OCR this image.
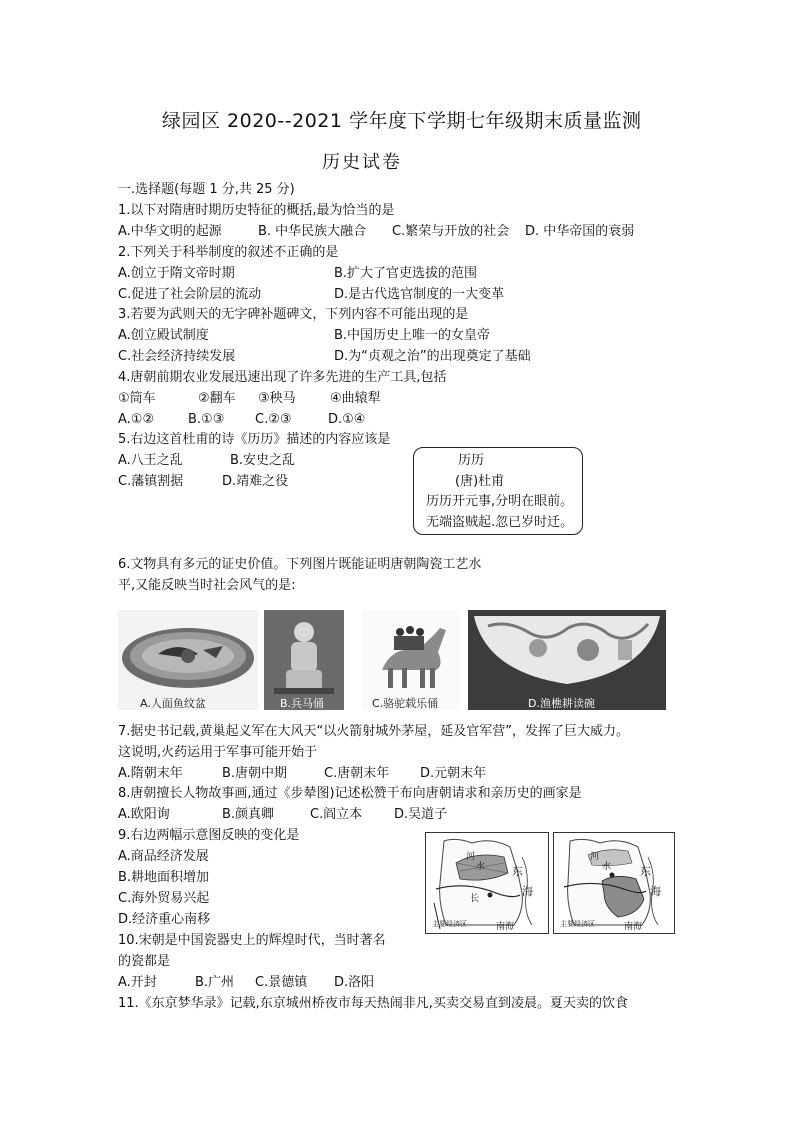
绿园区 2020--2021 学年度下学期七年级期末质量监测
历史试卷
一.选择题(每题 1 分,共 25 分)
1.以下对隋唐时期历史特征的概括,最为恰当的是
A.中华文明的起源	B. 中华民族大融合 C.繁荣与开放的社会 D. 中华帝国的衰弱
2.下列关于科举制度的叙述不正确的是
A.创立于隋文帝时期	B.扩大了官吏选拔的范围
C.促进了社会阶层的流动	D.是古代选官制度的一大变革
3.若要为武则天的无字碑补题碑文，下列内容不可能出现的是
A.创立殿试制度	B.中国历史上唯一的女皇帝
C.社会经济持续发展	D.为“贞观之治”的出现奠定了基础
4.唐朝前期农业发展迅速出现了许多先进的生产工具,包括
①筒车	②翻车 ③秧马	④曲辕犁
A.①②	B.①③ C.②③	D.①④
5.右边这首杜甫的诗《历历》描述的内容应该是
A.八王之乱	B.安史之乱
C.藩镇割据	D.靖难之役
历历
(唐)杜甫
历历开元事,分明在眼前。
无端盗贼起.忽已岁时迁。
6.文物具有多元的证史价值。下列图片既能证明唐朝陶瓷工艺水
平,又能反映当时社会风气的是:
A.人面鱼纹盆	B.兵马俑	C.骆驼载乐俑	D.渔樵耕读碗
7.据史书记载,黄巢起义军在大风天“以火箭射城外茅屋，延及官军营”，发挥了巨大威力。
这说明,火药运用于军事可能开始于
A.隋朝末年	B.唐朝中期	C.唐朝末年 D.元朝末年
8.唐朝擅长人物故事画,通过《步辇图)记述松赞干布向唐朝请求和亲历史的画家是
A.欧阳询	B.颜真卿	C.阎立本 D.吴道子
9.右边两幅示意图反映的变化是
A.商品经济发展
B.耕地面积增加
C.海外贸易兴起
D.经济重心南移
河
水
长
东
海
南海
主要经济区
河
水	东
海
南海
主要经济区
10.宋朝是中国瓷器史上的辉煌时代，当时著名
的瓷都是
A.开封	B.广州 C.景德镇 D.洛阳
11.《东京梦华录》记载,东京城州桥夜市每天热闹非凡,买卖交易直到凌晨。夏天卖的饮食
